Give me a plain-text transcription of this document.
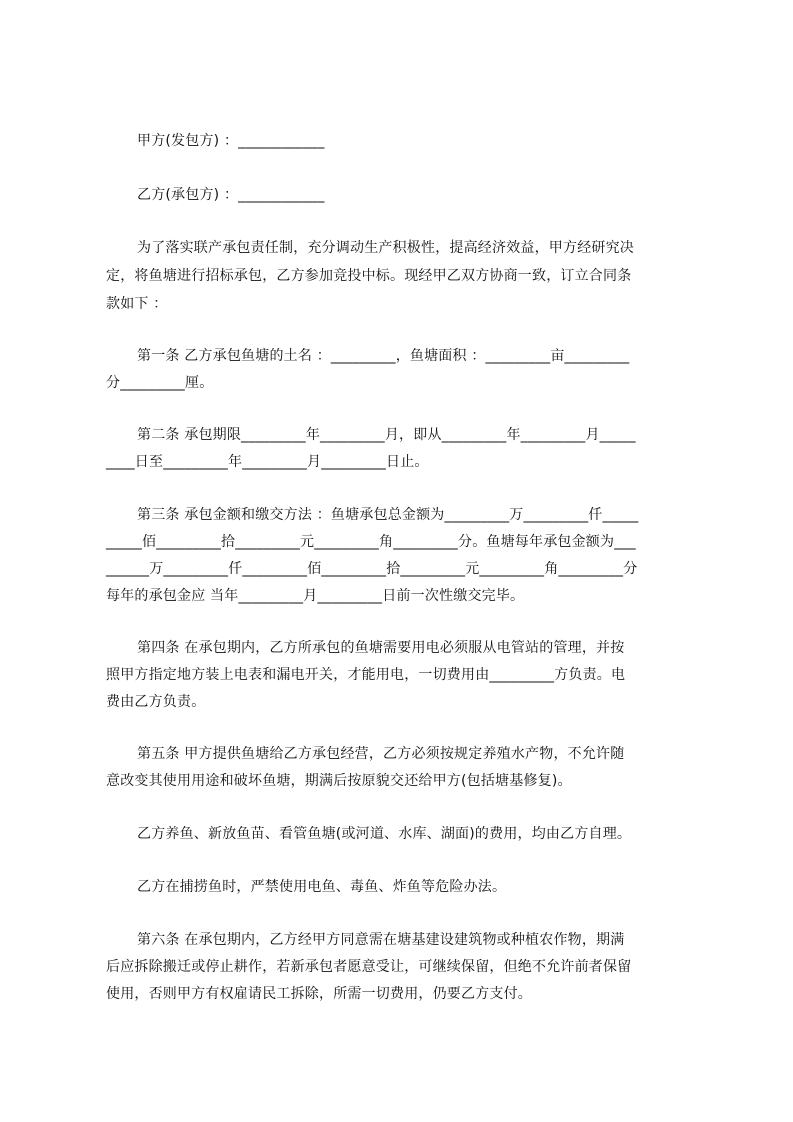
甲方(发包方) ：____________
乙方(承包方) ：____________
为了落实联产承包责任制，充分调动生产积极性，提高经济效益，甲方经研究决
定，将鱼塘进行招标承包，乙方参加竞投中标。现经甲乙双方协商一致，订立合同条
款如下 ：
第一条 乙方承包鱼塘的土名 ：_________，鱼塘面积 ：_________亩_________
分_________厘。
第二条 承包期限_________年_________月，即从_________年_________月_____
____日至_________年_________月_________日止。
第三条 承包金额和缴交方法 ：鱼塘承包总金额为_________万_________仟_____
_____佰_________拾_________元_________角_________分。鱼塘每年承包金额为___
______万_________仟_________佰_________拾_________元_________角_________分
每年的承包金应 当年_________月_________日前一次性缴交完毕。
第四条 在承包期内，乙方所承包的鱼塘需要用电必须服从电管站的管理，并按
照甲方指定地方装上电表和漏电开关，才能用电，一切费用由_________方负责。电
费由乙方负责。
第五条 甲方提供鱼塘给乙方承包经营，乙方必须按规定养殖水产物，不允许随
意改变其使用用途和破坏鱼塘，期满后按原貌交还给甲方(包括塘基修复)。
乙方养鱼、新放鱼苗、看管鱼塘(或河道、水库、湖面)的费用，均由乙方自理。
乙方在捕捞鱼时，严禁使用电鱼、毒鱼、炸鱼等危险办法。
第六条 在承包期内，乙方经甲方同意需在塘基建设建筑物或种植农作物，期满
后应拆除搬迁或停止耕作，若新承包者愿意受让，可继续保留，但绝不允许前者保留
使用，否则甲方有权雇请民工拆除，所需一切费用，仍要乙方支付。
